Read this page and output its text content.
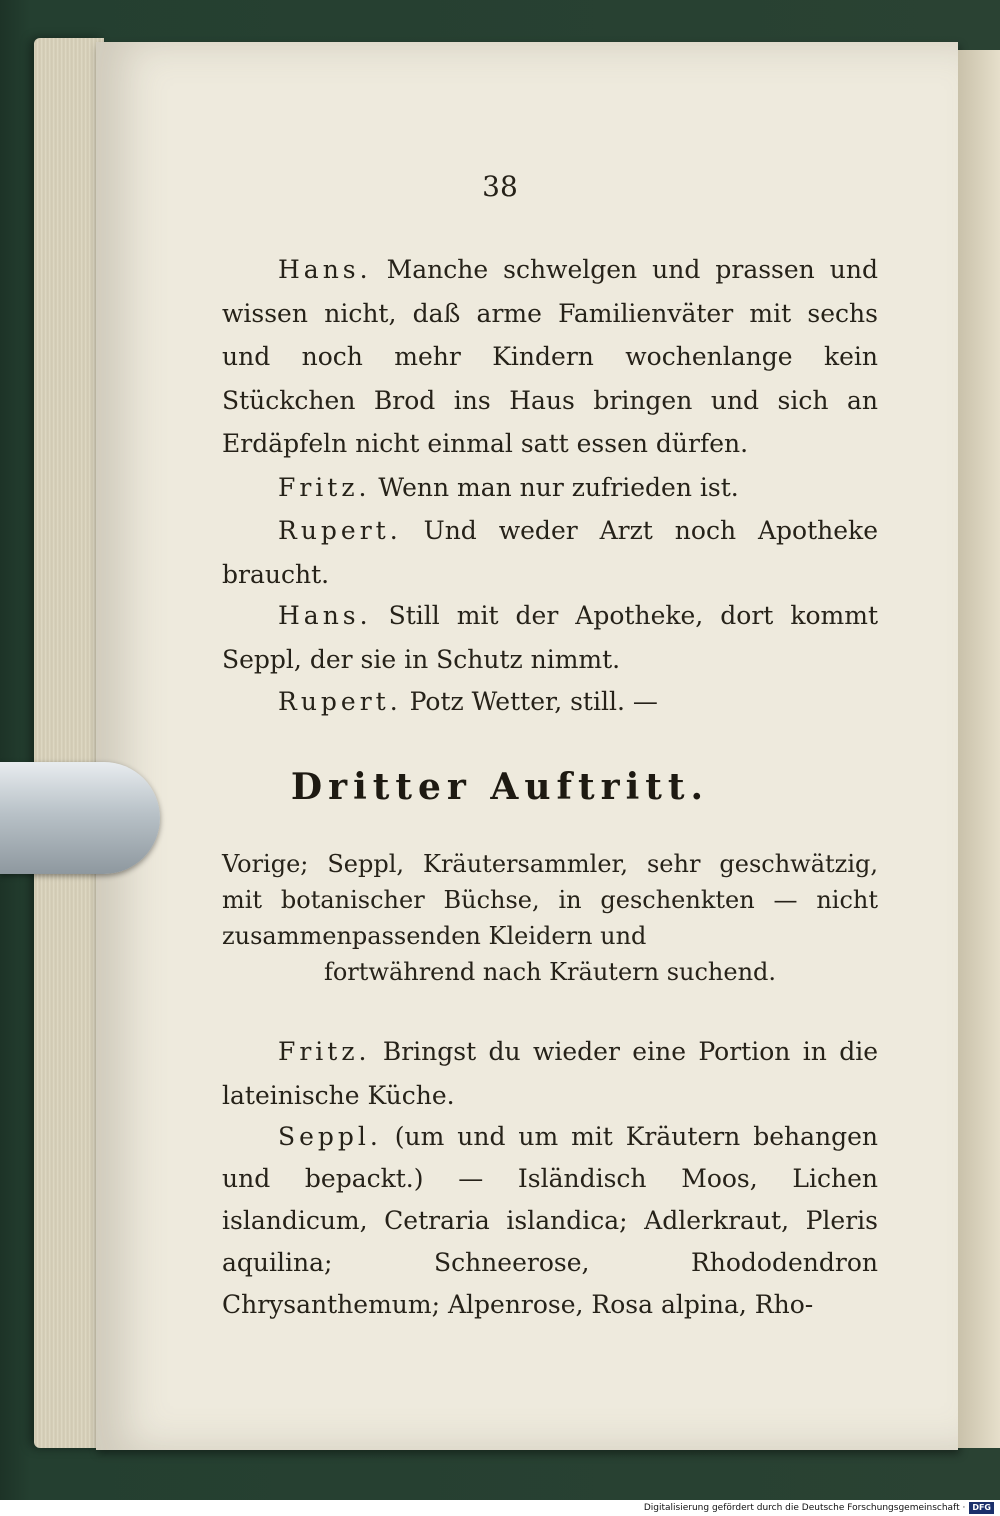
38
Hans. Manche schwelgen und prassen und wissen nicht, daß arme Familienväter mit sechs und noch mehr Kindern wochenlange kein Stückchen Brod ins Haus bringen und sich an Erdäpfeln nicht einmal satt essen dürfen.
Fritz. Wenn man nur zufrieden ist.
Rupert. Und weder Arzt noch Apotheke braucht.
Hans. Still mit der Apotheke, dort kommt Seppl, der sie in Schutz nimmt.
Rupert. Potz Wetter, still. —
Dritter Auftritt.
Vorige; Seppl, Kräutersammler, sehr geschwätzig, mit botanischer Büchse, in geschenkten — nicht zusammenpassenden Kleidern und
fortwährend nach Kräutern suchend.
Fritz. Bringst du wieder eine Portion in die lateinische Küche.
Seppl. (um und um mit Kräutern behangen und bepackt.) — Isländisch Moos, Lichen islandicum, Cetraria islandica; Adlerkraut, Pleris aquilina; Schneerose, Rhododendron Chrysanthemum; Alpenrose, Rosa alpina, Rho-
Digitalisierung gefördert durch die Deutsche Forschungsgemeinschaft · DFG
